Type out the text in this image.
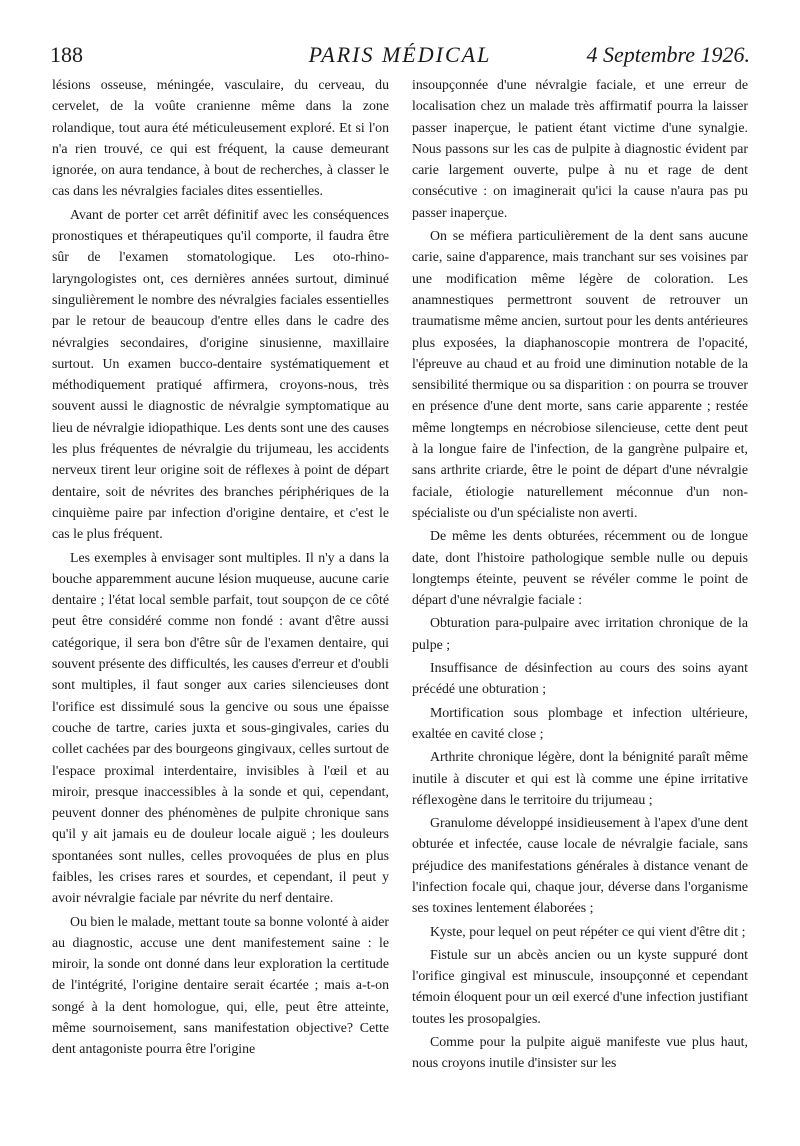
188	PARIS MÉDICAL	4 Septembre 1926.

lésions osseuse, méningée, vasculaire, du cerveau, du cervelet, de la voûte cranienne même dans la zone rolandique, tout aura été méticuleusement exploré. Et si l'on n'a rien trouvé, ce qui est fréquent, la cause demeurant ignorée, on aura tendance, à bout de recherches, à classer le cas dans les névralgies faciales dites essentielles.

Avant de porter cet arrêt définitif avec les conséquences pronostiques et thérapeutiques qu'il comporte, il faudra être sûr de l'examen stomatologique. Les oto-rhino-laryngologistes ont, ces dernières années surtout, diminué singulièrement le nombre des névralgies faciales essentielles par le retour de beaucoup d'entre elles dans le cadre des névralgies secondaires, d'origine sinusienne, maxillaire surtout. Un examen bucco-dentaire systématiquement et méthodiquement pratiqué affirmera, croyons-nous, très souvent aussi le diagnostic de névralgie symptomatique au lieu de névralgie idiopathique. Les dents sont une des causes les plus fréquentes de névralgie du trijumeau, les accidents nerveux tirent leur origine soit de réflexes à point de départ dentaire, soit de névrites des branches périphériques de la cinquième paire par infection d'origine dentaire, et c'est le cas le plus fréquent.

Les exemples à envisager sont multiples. Il n'y a dans la bouche apparemment aucune lésion muqueuse, aucune carie dentaire ; l'état local semble parfait, tout soupçon de ce côté peut être considéré comme non fondé : avant d'être aussi catégorique, il sera bon d'être sûr de l'examen dentaire, qui souvent présente des difficultés, les causes d'erreur et d'oubli sont multiples, il faut songer aux caries silencieuses dont l'orifice est dissimulé sous la gencive ou sous une épaisse couche de tartre, caries juxta et sous-gingivales, caries du collet cachées par des bourgeons gingivaux, celles surtout de l'espace proximal interdentaire, invisibles à l'œil et au miroir, presque inaccessibles à la sonde et qui, cependant, peuvent donner des phénomènes de pulpite chronique sans qu'il y ait jamais eu de douleur locale aiguë ; les douleurs spontanées sont nulles, celles provoquées de plus en plus faibles, les crises rares et sourdes, et cependant, il peut y avoir névralgie faciale par névrite du nerf dentaire.

Ou bien le malade, mettant toute sa bonne volonté à aider au diagnostic, accuse une dent manifestement saine : le miroir, la sonde ont donné dans leur exploration la certitude de l'intégrité, l'origine dentaire serait écartée ; mais a-t-on songé à la dent homologue, qui, elle, peut être atteinte, même sournoisement, sans manifestation objective? Cette dent antagoniste pourra être l'origine

insoupçonnée d'une névralgie faciale, et une erreur de localisation chez un malade très affirmatif pourra la laisser passer inaperçue, le patient étant victime d'une synalgie. Nous passons sur les cas de pulpite à diagnostic évident par carie largement ouverte, pulpe à nu et rage de dent consécutive : on imaginerait qu'ici la cause n'aura pas pu passer inaperçue.

On se méfiera particulièrement de la dent sans aucune carie, saine d'apparence, mais tranchant sur ses voisines par une modification même légère de coloration. Les anamnestiques permettront souvent de retrouver un traumatisme même ancien, surtout pour les dents antérieures plus exposées, la diaphanoscopie montrera de l'opacité, l'épreuve au chaud et au froid une diminution notable de la sensibilité thermique ou sa disparition : on pourra se trouver en présence d'une dent morte, sans carie apparente ; restée même longtemps en nécrobiose silencieuse, cette dent peut à la longue faire de l'infection, de la gangrène pulpaire et, sans arthrite criarde, être le point de départ d'une névralgie faciale, étiologie naturellement méconnue d'un non-spécialiste ou d'un spécialiste non averti.

De même les dents obturées, récemment ou de longue date, dont l'histoire pathologique semble nulle ou depuis longtemps éteinte, peuvent se révéler comme le point de départ d'une névralgie faciale :

Obturation para-pulpaire avec irritation chronique de la pulpe ;

Insuffisance de désinfection au cours des soins ayant précédé une obturation ;

Mortification sous plombage et infection ultérieure, exaltée en cavité close ;

Arthrite chronique légère, dont la bénignité paraît même inutile à discuter et qui est là comme une épine irritative réflexogène dans le territoire du trijumeau ;

Granulome développé insidieusement à l'apex d'une dent obturée et infectée, cause locale de névralgie faciale, sans préjudice des manifestations générales à distance venant de l'infection focale qui, chaque jour, déverse dans l'organisme ses toxines lentement élaborées ;

Kyste, pour lequel on peut répéter ce qui vient d'être dit ;

Fistule sur un abcès ancien ou un kyste suppuré dont l'orifice gingival est minuscule, insoupçonné et cependant témoin éloquent pour un œil exercé d'une infection justifiant toutes les prosopalgies.

Comme pour la pulpite aiguë manifeste vue plus haut, nous croyons inutile d'insister sur les
